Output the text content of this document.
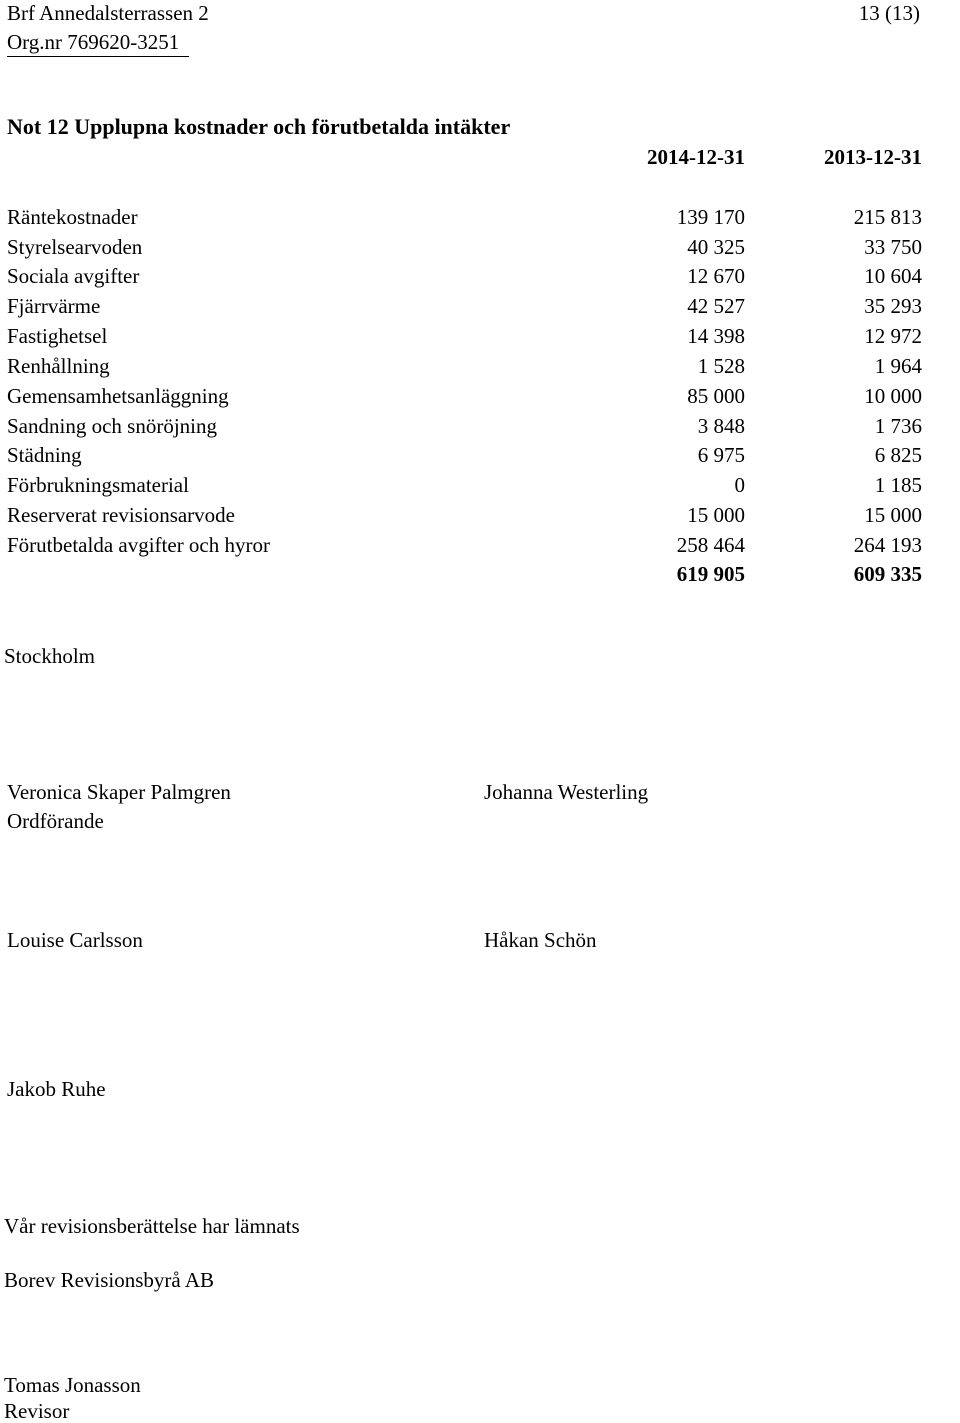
Brf Annedalsterrassen 2
Org.nr 769620-3251
13 (13)
Not 12 Upplupna kostnader och förutbetalda intäkter
2014-12-31	2013-12-31
Räntekostnader	139 170	215 813
Styrelsearvoden	40 325	33 750
Sociala avgifter	12 670	10 604
Fjärrvärme	42 527	35 293
Fastighetsel	14 398	12 972
Renhållning	1 528	1 964
Gemensamhetsanläggning	85 000	10 000
Sandning och snöröjning	3 848	1 736
Städning	6 975	6 825
Förbrukningsmaterial	0	1 185
Reserverat revisionsarvode	15 000	15 000
Förutbetalda avgifter och hyror	258 464	264 193
619 905	609 335
Stockholm
Veronica Skaper Palmgren
Ordförande
Johanna Westerling
Louise Carlsson	Håkan Schön
Jakob Ruhe
Vår revisionsberättelse har lämnats
Borev Revisionsbyrå AB
Tomas Jonasson
Revisor
